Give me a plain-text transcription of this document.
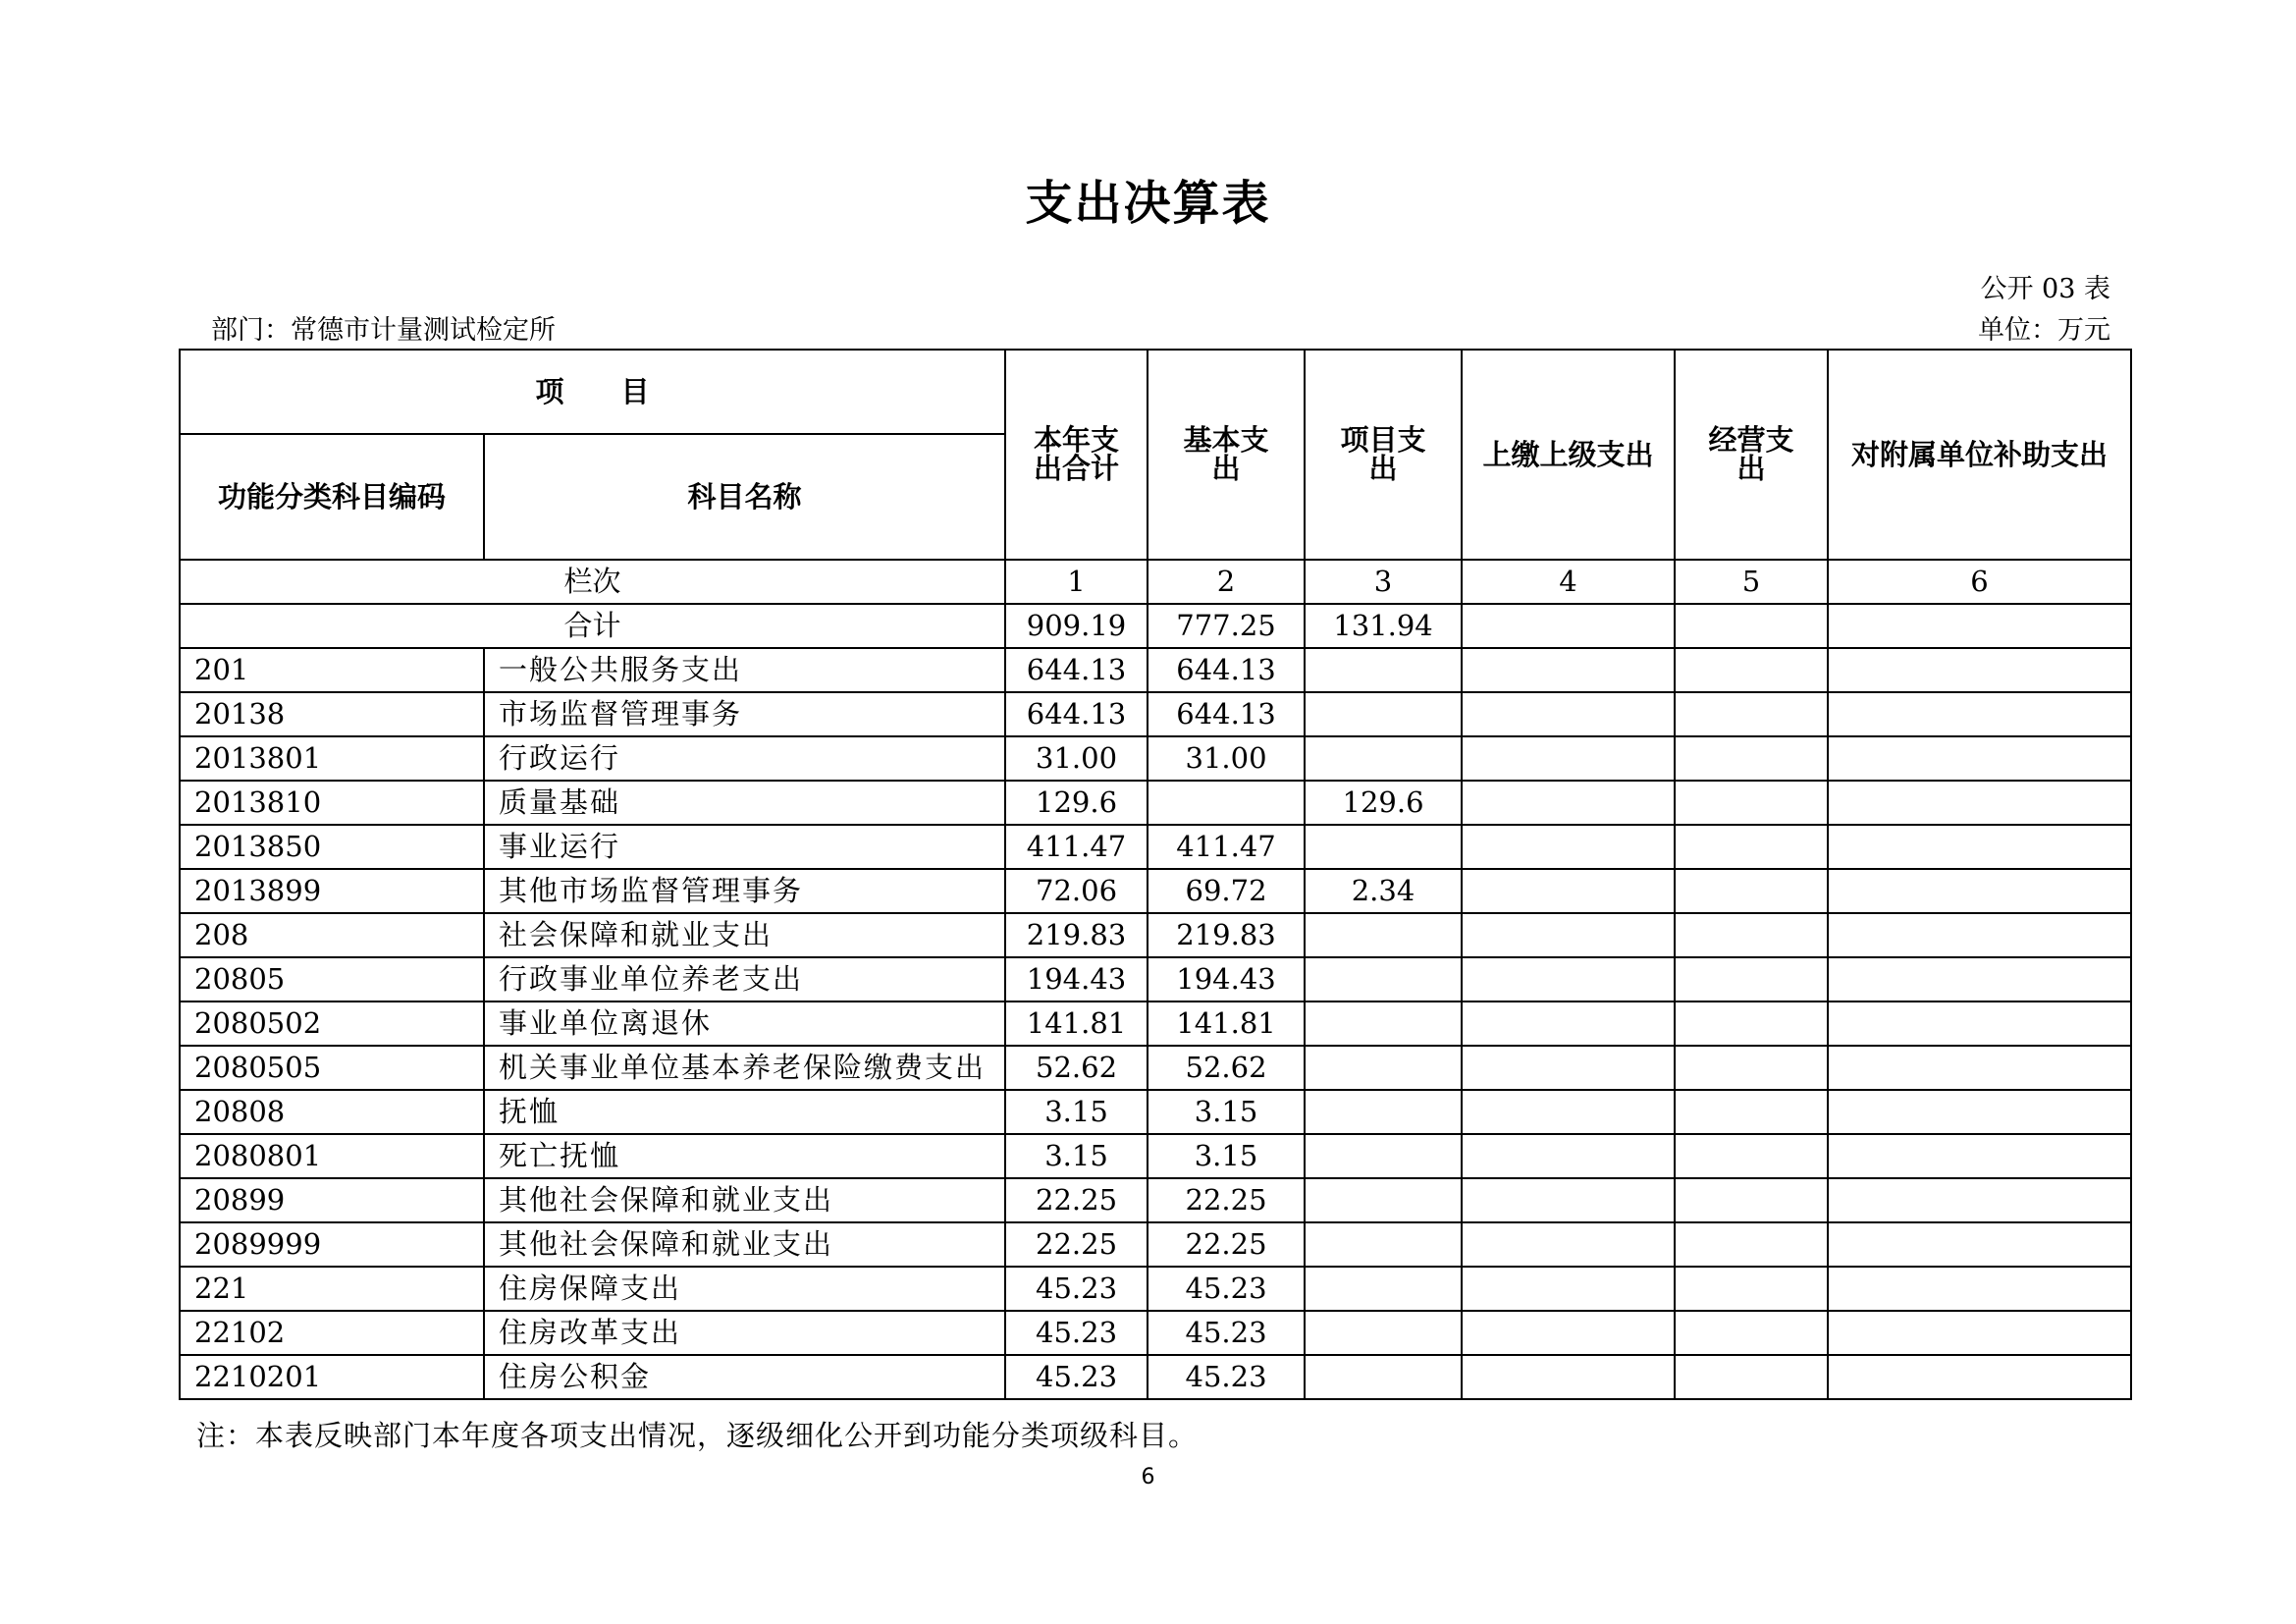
支出决算表
公开 03 表
部门：常德市计量测试检定所	单位：万元
项　　目		本年支出合计	基本支出	项目支出	上缴上级支出	经营支出	对附属单位补助支出
功能分类科目编码	科目名称						
栏次		1	2	3	4	5	6
合计		909.19	777.25	131.94			
201	一般公共服务支出	644.13	644.13				
20138	市场监督管理事务	644.13	644.13				
2013801	行政运行	31.00	31.00				
2013810	质量基础	129.6		129.6			
2013850	事业运行	411.47	411.47				
2013899	其他市场监督管理事务	72.06	69.72	2.34			
208	社会保障和就业支出	219.83	219.83				
20805	行政事业单位养老支出	194.43	194.43				
2080502	事业单位离退休	141.81	141.81				
2080505	机关事业单位基本养老保险缴费支出	52.62	52.62				
20808	抚恤	3.15	3.15				
2080801	死亡抚恤	3.15	3.15				
20899	其他社会保障和就业支出	22.25	22.25				
2089999	其他社会保障和就业支出	22.25	22.25				
221	住房保障支出	45.23	45.23				
22102	住房改革支出	45.23	45.23				
2210201	住房公积金	45.23	45.23				
注：本表反映部门本年度各项支出情况，逐级细化公开到功能分类项级科目。
6
